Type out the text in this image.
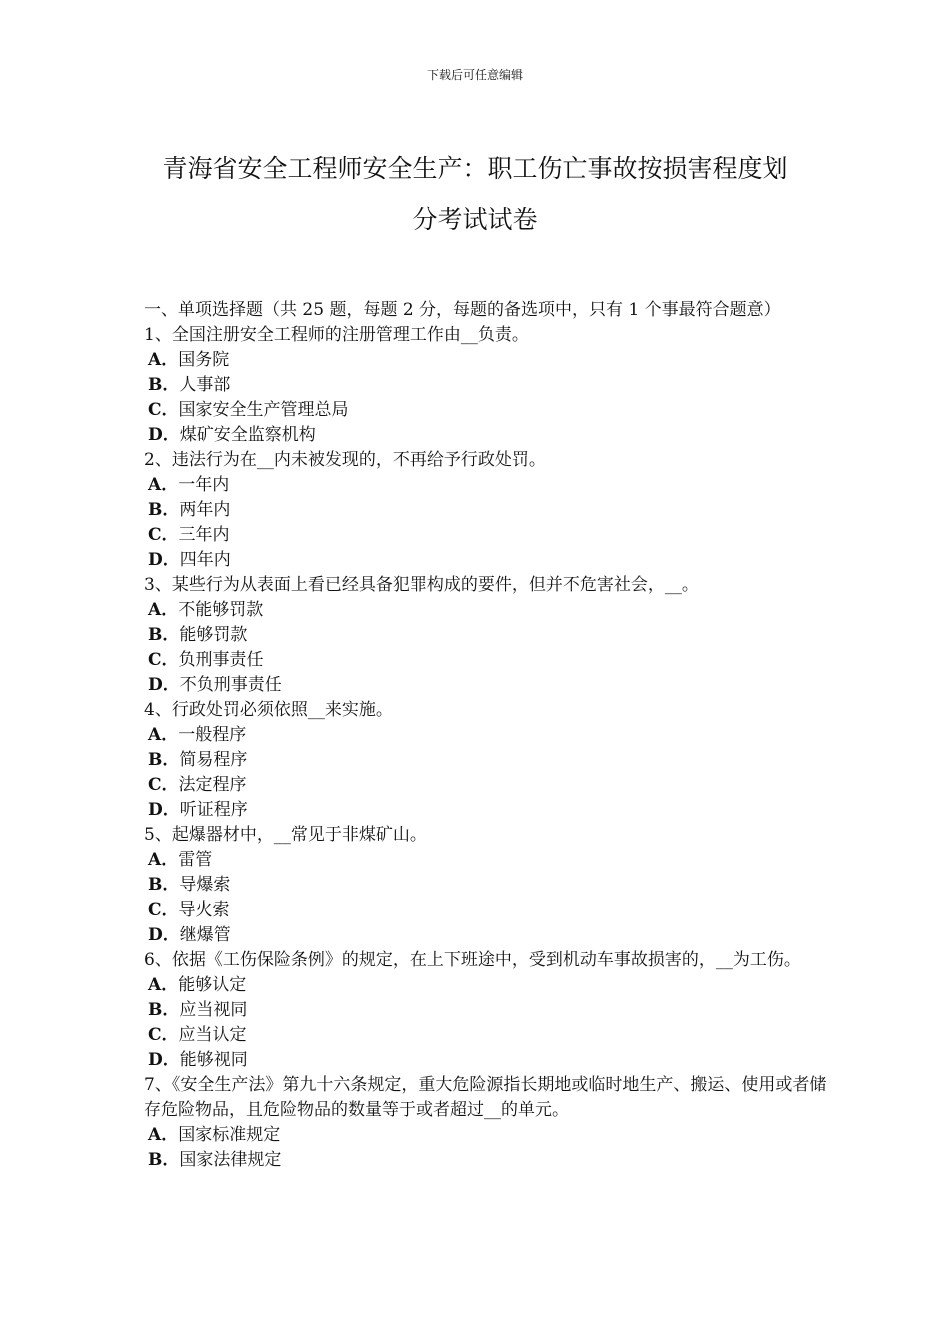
下载后可任意编辑
青海省安全工程师安全生产：职工伤亡事故按损害程度划
分考试试卷
一、单项选择题（共 25 题，每题 2 分，每题的备选项中，只有 1 个事最符合题意）
1、全国注册安全工程师的注册管理工作由__负责。
A．国务院
B．人事部
C．国家安全生产管理总局
D．煤矿安全监察机构
2、违法行为在__内未被发现的，不再给予行政处罚。
A．一年内
B．两年内
C．三年内
D．四年内
3、某些行为从表面上看已经具备犯罪构成的要件，但并不危害社会，__。
A．不能够罚款
B．能够罚款
C．负刑事责任
D．不负刑事责任
4、行政处罚必须依照__来实施。
A．一般程序
B．简易程序
C．法定程序
D．听证程序
5、起爆器材中，__常见于非煤矿山。
A．雷管
B．导爆索
C．导火索
D．继爆管
6、依据《工伤保险条例》的规定，在上下班途中，受到机动车事故损害的，__为工伤。
A．能够认定
B．应当视同
C．应当认定
D．能够视同
7、《安全生产法》第九十六条规定，重大危险源指长期地或临时地生产、搬运、使用或者储存危险物品，且危险物品的数量等于或者超过__的单元。
A．国家标准规定
B．国家法律规定
